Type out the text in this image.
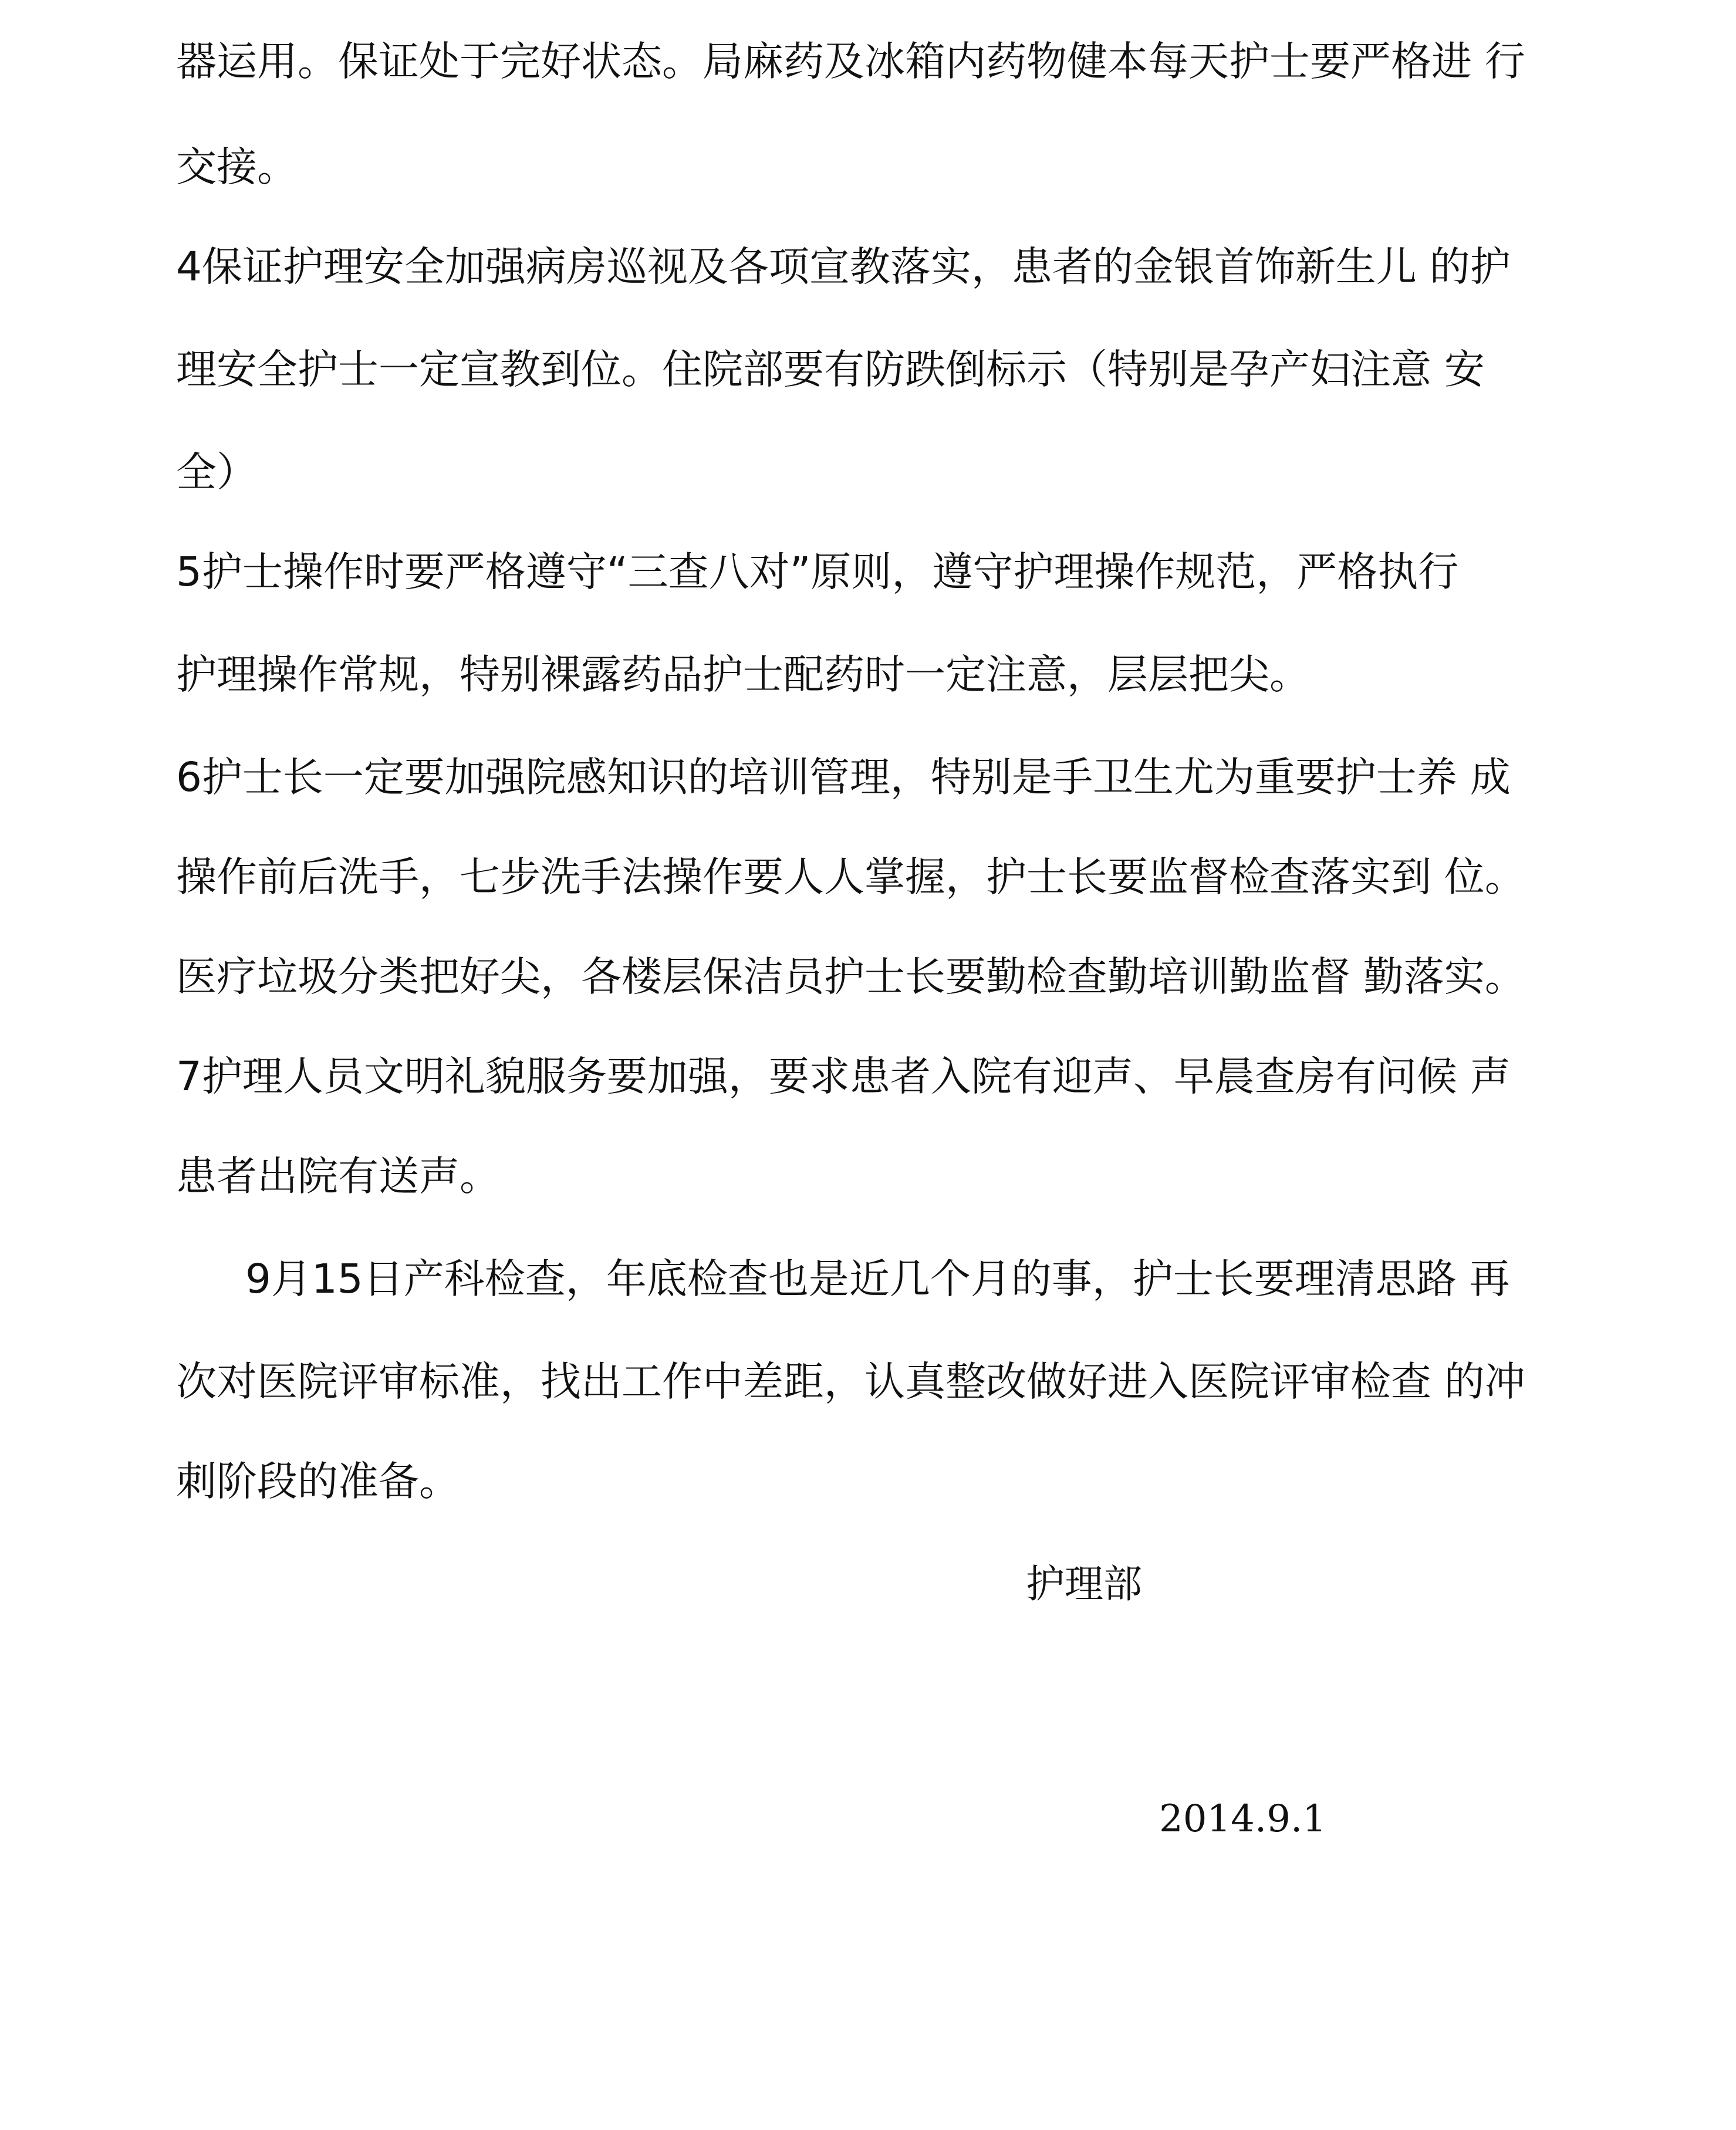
器运用。保证处于完好状态。局麻药及冰箱内药物健本每天护士要严格进 行
交接。
4保证护理安全加强病房巡视及各项宣教落实，患者的金银首饰新生儿 的护
理安全护士一定宣教到位。住院部要有防跌倒标示（特别是孕产妇注意 安
全）
5护士操作时要严格遵守“三查八对”原则，遵守护理操作规范，严格执行
护理操作常规，特别裸露药品护士配药时一定注意，层层把尖。
6护士长一定要加强院感知识的培训管理，特别是手卫生尤为重要护士养 成
操作前后洗手，七步洗手法操作要人人掌握，护士长要监督检查落实到 位。
医疗垃圾分类把好尖，各楼层保洁员护士长要勤检查勤培训勤监督 勤落实。
7护理人员文明礼貌服务要加强，要求患者入院有迎声、早晨查房有问候 声
患者出院有送声。
9月15日产科检查，年底检查也是近几个月的事，护士长要理清思路 再
次对医院评审标准，找出工作中差距，认真整改做好进入医院评审检查 的冲
刺阶段的准备。
护理部
2014.9.1
